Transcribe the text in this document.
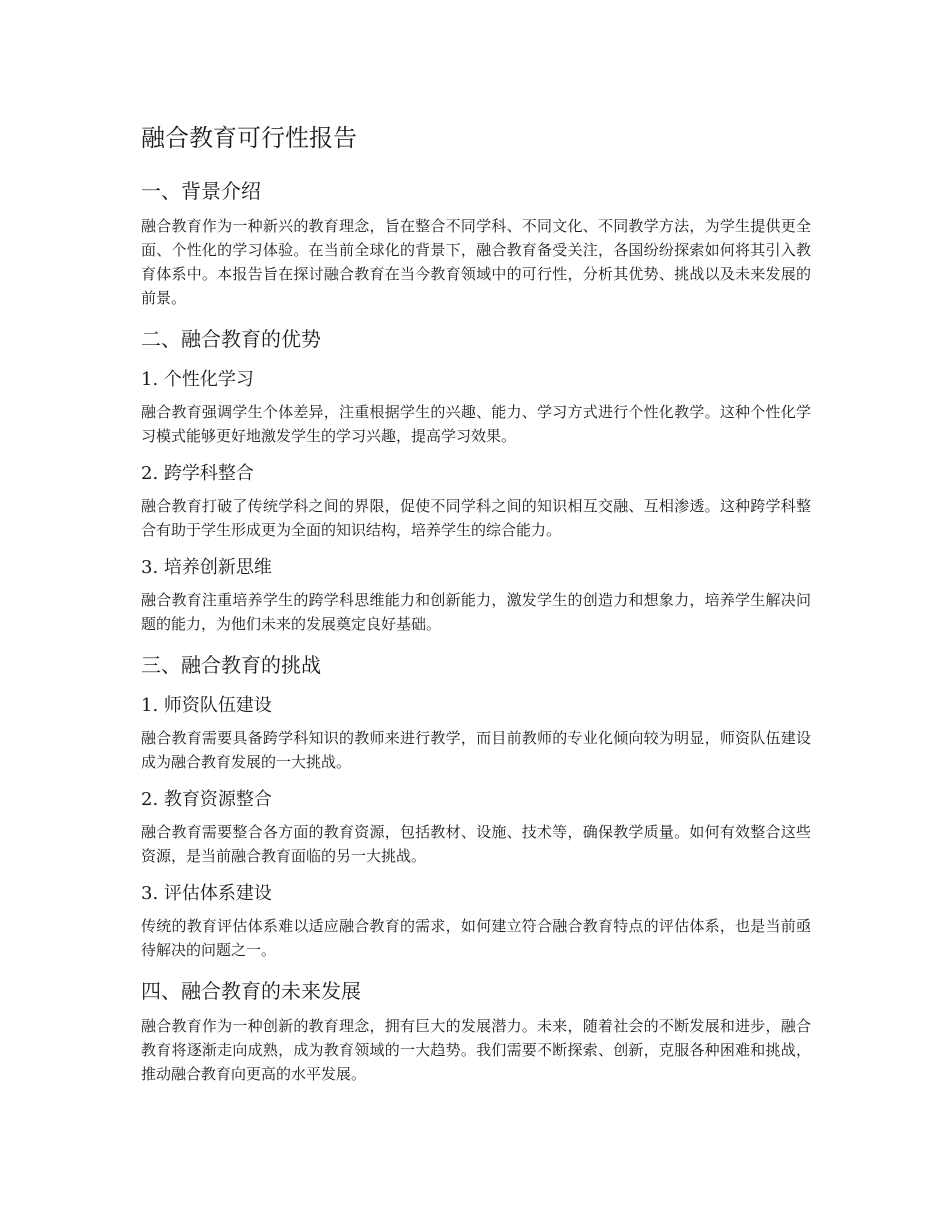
融合教育可行性报告
一、背景介绍

融合教育作为一种新兴的教育理念，旨在整合不同学科、不同文化、不同教学方法，为学生提供更全面、个性化的学习体验。在当前全球化的背景下，融合教育备受关注，各国纷纷探索如何将其引入教育体系中。本报告旨在探讨融合教育在当今教育领域中的可行性，分析其优势、挑战以及未来发展的前景。

二、融合教育的优势
1. 个性化学习

融合教育强调学生个体差异，注重根据学生的兴趣、能力、学习方式进行个性化教学。这种个性化学习模式能够更好地激发学生的学习兴趣，提高学习效果。

2. 跨学科整合

融合教育打破了传统学科之间的界限，促使不同学科之间的知识相互交融、互相渗透。这种跨学科整合有助于学生形成更为全面的知识结构，培养学生的综合能力。

3. 培养创新思维

融合教育注重培养学生的跨学科思维能力和创新能力，激发学生的创造力和想象力，培养学生解决问题的能力，为他们未来的发展奠定良好基础。

三、融合教育的挑战
1. 师资队伍建设

融合教育需要具备跨学科知识的教师来进行教学，而目前教师的专业化倾向较为明显，师资队伍建设成为融合教育发展的一大挑战。

2. 教育资源整合

融合教育需要整合各方面的教育资源，包括教材、设施、技术等，确保教学质量。如何有效整合这些资源，是当前融合教育面临的另一大挑战。

3. 评估体系建设

传统的教育评估体系难以适应融合教育的需求，如何建立符合融合教育特点的评估体系，也是当前亟待解决的问题之一。

四、融合教育的未来发展

融合教育作为一种创新的教育理念，拥有巨大的发展潜力。未来，随着社会的不断发展和进步，融合教育将逐渐走向成熟，成为教育领域的一大趋势。我们需要不断探索、创新，克服各种困难和挑战，推动融合教育向更高的水平发展。
